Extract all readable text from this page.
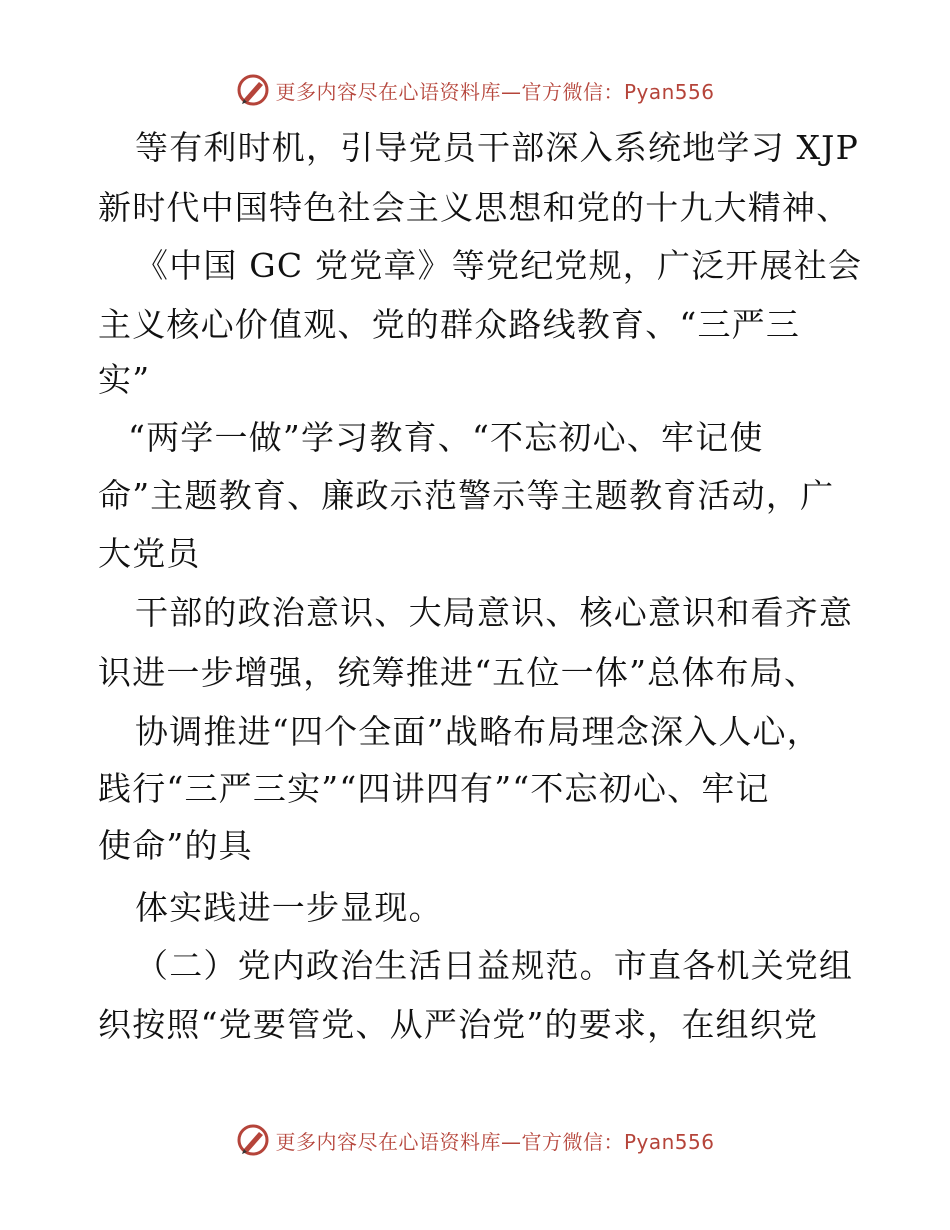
更多内容尽在心语资料库—官方微信：Pyan556
等有利时机，引导党员干部深入系统地学习 XJP
新时代中国特色社会主义思想和党的十九大精神、
《中国 GC 党党章》等党纪党规，广泛开展社会
主义核心价值观、党的群众路线教育、“三严三
实”
“两学一做”学习教育、“不忘初心、牢记使
命”主题教育、廉政示范警示等主题教育活动，广
大党员
干部的政治意识、大局意识、核心意识和看齐意
识进一步增强，统筹推进“五位一体”总体布局、
协调推进“四个全面”战略布局理念深入人心，
践行“三严三实”“四讲四有”“不忘初心、牢记
使命”的具
体实践进一步显现。
（二）党内政治生活日益规范。市直各机关党组
织按照“党要管党、从严治党”的要求，在组织党
更多内容尽在心语资料库—官方微信：Pyan556
